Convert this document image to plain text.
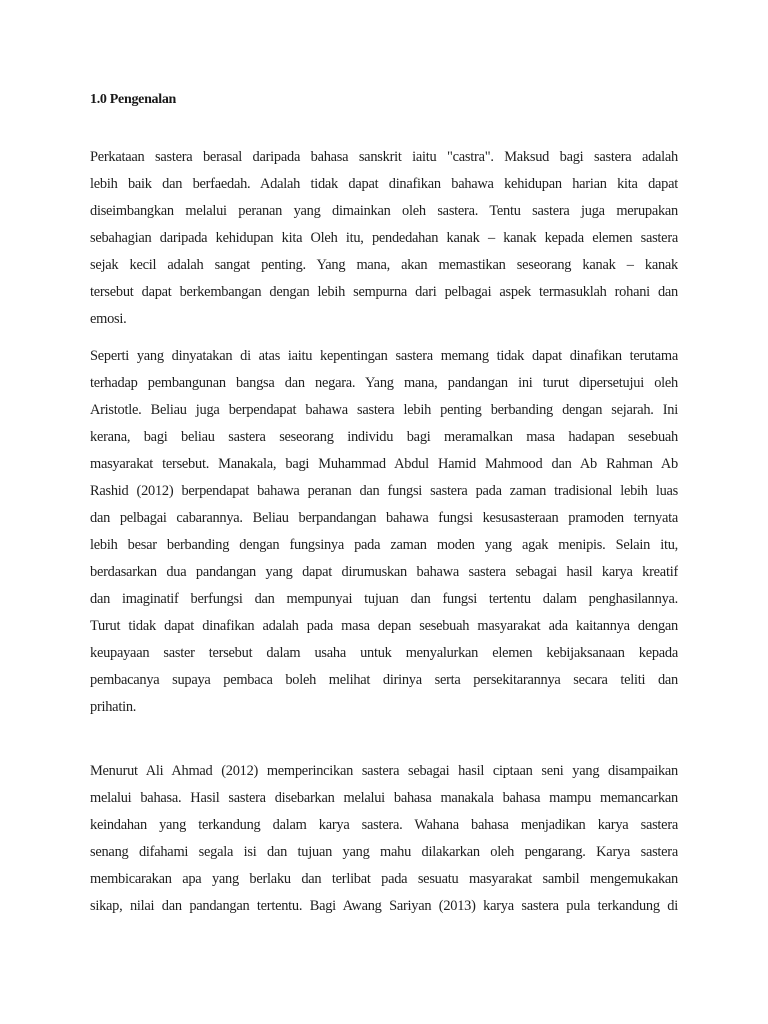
1.0 Pengenalan
Perkataan sastera berasal daripada bahasa sanskrit iaitu "castra". Maksud bagi sastera adalah
lebih baik dan berfaedah. Adalah tidak dapat dinafikan bahawa kehidupan harian kita dapat
diseimbangkan melalui peranan yang dimainkan oleh sastera. Tentu sastera juga merupakan
sebahagian daripada kehidupan kita Oleh itu, pendedahan kanak – kanak kepada elemen sastera
sejak kecil adalah sangat penting. Yang mana, akan memastikan seseorang kanak – kanak
tersebut dapat berkembangan dengan lebih sempurna dari pelbagai aspek termasuklah rohani dan
emosi.
Seperti yang dinyatakan di atas iaitu kepentingan sastera memang tidak dapat dinafikan terutama
terhadap pembangunan bangsa dan negara. Yang mana, pandangan ini turut dipersetujui oleh
Aristotle. Beliau juga berpendapat bahawa sastera lebih penting berbanding dengan sejarah. Ini
kerana, bagi beliau sastera seseorang individu bagi meramalkan masa hadapan sesebuah
masyarakat tersebut. Manakala, bagi Muhammad Abdul Hamid Mahmood dan Ab Rahman Ab
Rashid (2012) berpendapat bahawa peranan dan fungsi sastera pada zaman tradisional lebih luas
dan pelbagai cabarannya. Beliau berpandangan bahawa fungsi kesusasteraan pramoden ternyata
lebih besar berbanding dengan fungsinya pada zaman moden yang agak menipis. Selain itu,
berdasarkan dua pandangan yang dapat dirumuskan bahawa sastera sebagai hasil karya kreatif
dan imaginatif berfungsi dan mempunyai tujuan dan fungsi tertentu dalam penghasilannya.
Turut tidak dapat dinafikan adalah pada masa depan sesebuah masyarakat ada kaitannya dengan
keupayaan saster tersebut dalam usaha untuk menyalurkan elemen kebijaksanaan kepada
pembacanya supaya pembaca boleh melihat dirinya serta persekitarannya secara teliti dan
prihatin.
Menurut Ali Ahmad (2012) memperincikan sastera sebagai hasil ciptaan seni yang disampaikan
melalui bahasa. Hasil sastera disebarkan melalui bahasa manakala bahasa mampu memancarkan
keindahan yang terkandung dalam karya sastera. Wahana bahasa menjadikan karya sastera
senang difahami segala isi dan tujuan yang mahu dilakarkan oleh pengarang. Karya sastera
membicarakan apa yang berlaku dan terlibat pada sesuatu masyarakat sambil mengemukakan
sikap, nilai dan pandangan tertentu. Bagi Awang Sariyan (2013) karya sastera pula terkandung di
